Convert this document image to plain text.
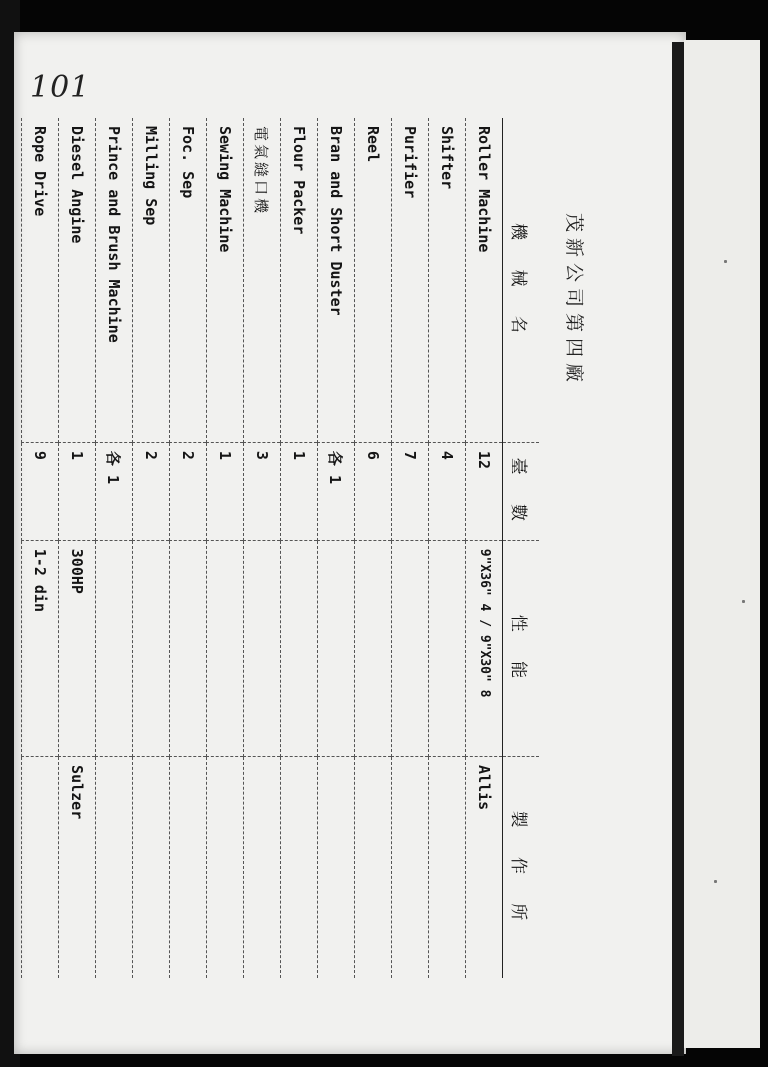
101
茂新公司第四廠
機 械 名	臺 數	性 能	製 作 所
Roller Machine	12	9"X36" 4 / 9"X30" 8	Allis
Shifter	4		
Purifier	7		
Reel	6		
Bran and Short Duster	各 1		
Flour Packer	1		
電氣縫口機	3		
Sewing Machine	1		
Foc. Sep	2		
Milling Sep	2		
Prince and Brush Machine	各 1		
Diesel Angine	1	300HP	Sulzer
Rope Drive	9	1-2 din	
